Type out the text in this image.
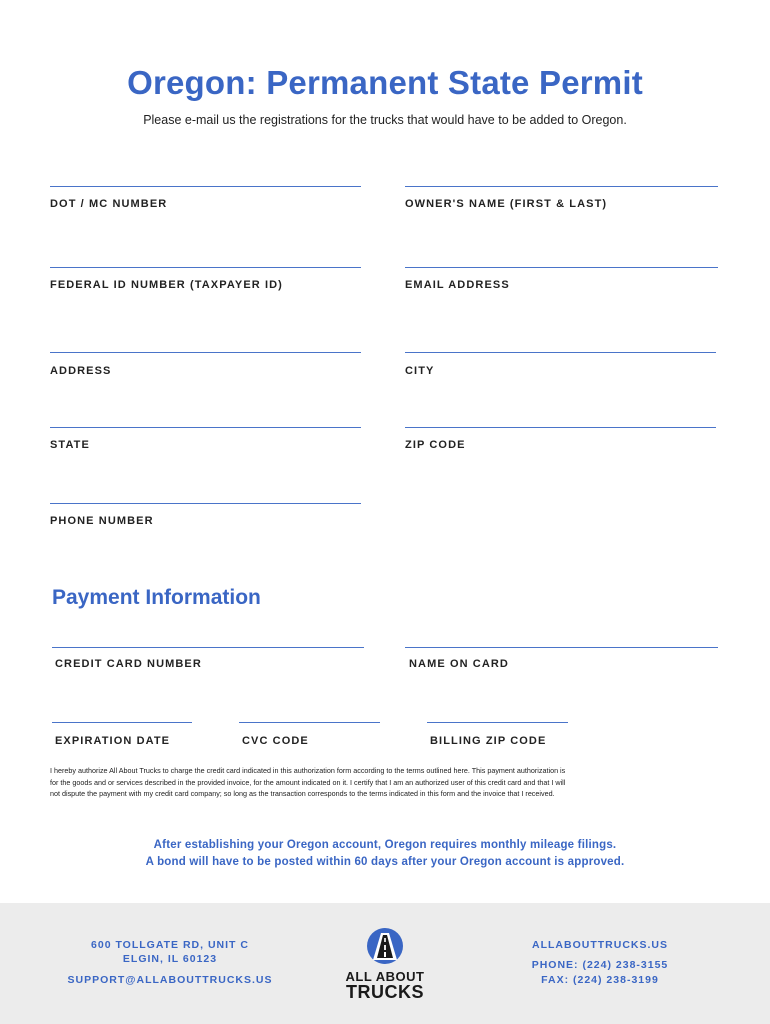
Oregon: Permanent State Permit
Please e-mail us the registrations for the trucks that would have to be added to Oregon.
DOT / MC NUMBER	OWNER'S NAME (FIRST & LAST)
FEDERAL ID NUMBER (TAXPAYER ID)	EMAIL ADDRESS
ADDRESS	CITY
STATE	ZIP CODE
PHONE NUMBER
Payment Information
CREDIT CARD NUMBER	NAME ON CARD
EXPIRATION DATE	CVC CODE	BILLING ZIP CODE
I hereby authorize All About Trucks to charge the credit card indicated in this authorization form according to the terms outlined here. This payment authorization is
for the goods and or services described in the provided invoice, for the amount indicated on it. I certify that I am an authorized user of this credit card and that I will
not dispute the payment with my credit card company; so long as the transaction corresponds to the terms indicated in this form and the invoice that I received.
After establishing your Oregon account, Oregon requires monthly mileage filings.
A bond will have to be posted within 60 days after your Oregon account is approved.
600 TOLLGATE RD, UNIT C
ELGIN, IL 60123
SUPPORT@ALLABOUTTRUCKS.US	ALL ABOUT
TRUCKS
ALLABOUTTRUCKS.US
PHONE: (224) 238-3155
FAX: (224) 238-3199
